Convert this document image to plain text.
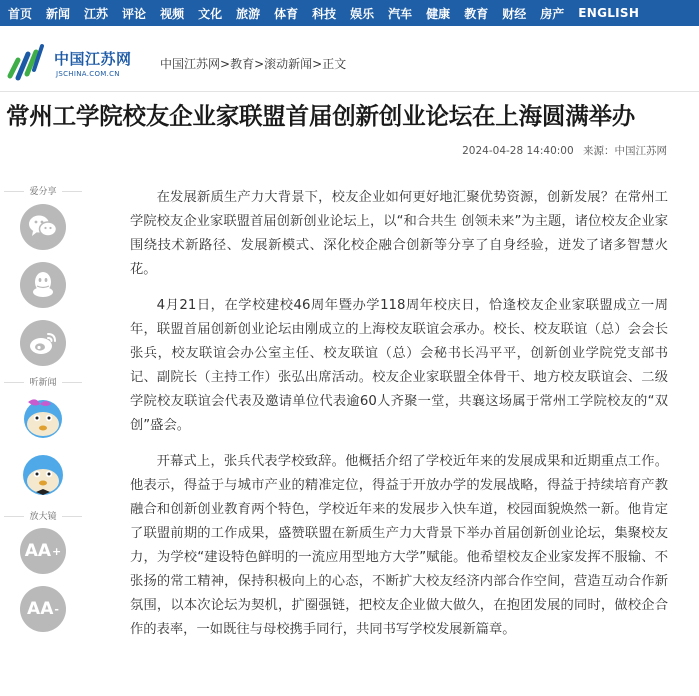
首页 新闻 江苏 评论 视频 文化 旅游 体育 科技 娱乐 汽车 健康 教育 财经 房产 ENGLISH
中国江苏网
JSCHINA.COM.CN
中国江苏网>教育>滚动新闻>正文
常州工学院校友企业家联盟首届创新创业论坛在上海圆满举办
2024-04-28 14:40:00 来源：中国江苏网
爱分享
听新闻
放大镜
AA +
AA -

在发展新质生产力大背景下，校友企业如何更好地汇聚优势资源，创新发展？在常州工学院校友企业家联盟首届创新创业论坛上，以“和合共生 创领未来”为主题，诸位校友企业家围绕技术新路径、发展新模式、深化校企融合创新等分享了自身经验，迸发了诸多智慧火花。

4月21日，在学校建校46周年暨办学118周年校庆日，恰逢校友企业家联盟成立一周年，联盟首届创新创业论坛由刚成立的上海校友联谊会承办。校长、校友联谊（总）会会长张兵，校友联谊会办公室主任、校友联谊（总）会秘书长冯平平，创新创业学院党支部书记、副院长（主持工作）张弘出席活动。校友企业家联盟全体骨干、地方校友联谊会、二级学院校友联谊会代表及邀请单位代表逾60人齐聚一堂，共襄这场属于常州工学院校友的“双创”盛会。

开幕式上，张兵代表学校致辞。他概括介绍了学校近年来的发展成果和近期重点工作。他表示，得益于与城市产业的精准定位，得益于开放办学的发展战略，得益于持续培育产教融合和创新创业教育两个特色，学校近年来的发展步入快车道，校园面貌焕然一新。他肯定了联盟前期的工作成果，盛赞联盟在新质生产力大背景下举办首届创新创业论坛，集聚校友力，为学校“建设特色鲜明的一流应用型地方大学”赋能。他希望校友企业家发挥不服输、不张扬的常工精神，保持积极向上的心态，不断扩大校友经济内部合作空间，营造互动合作新氛围，以本次论坛为契机，扩圈强链，把校友企业做大做久，在抱团发展的同时，做校企合作的表率，一如既往与母校携手同行，共同书写学校发展新篇章。
